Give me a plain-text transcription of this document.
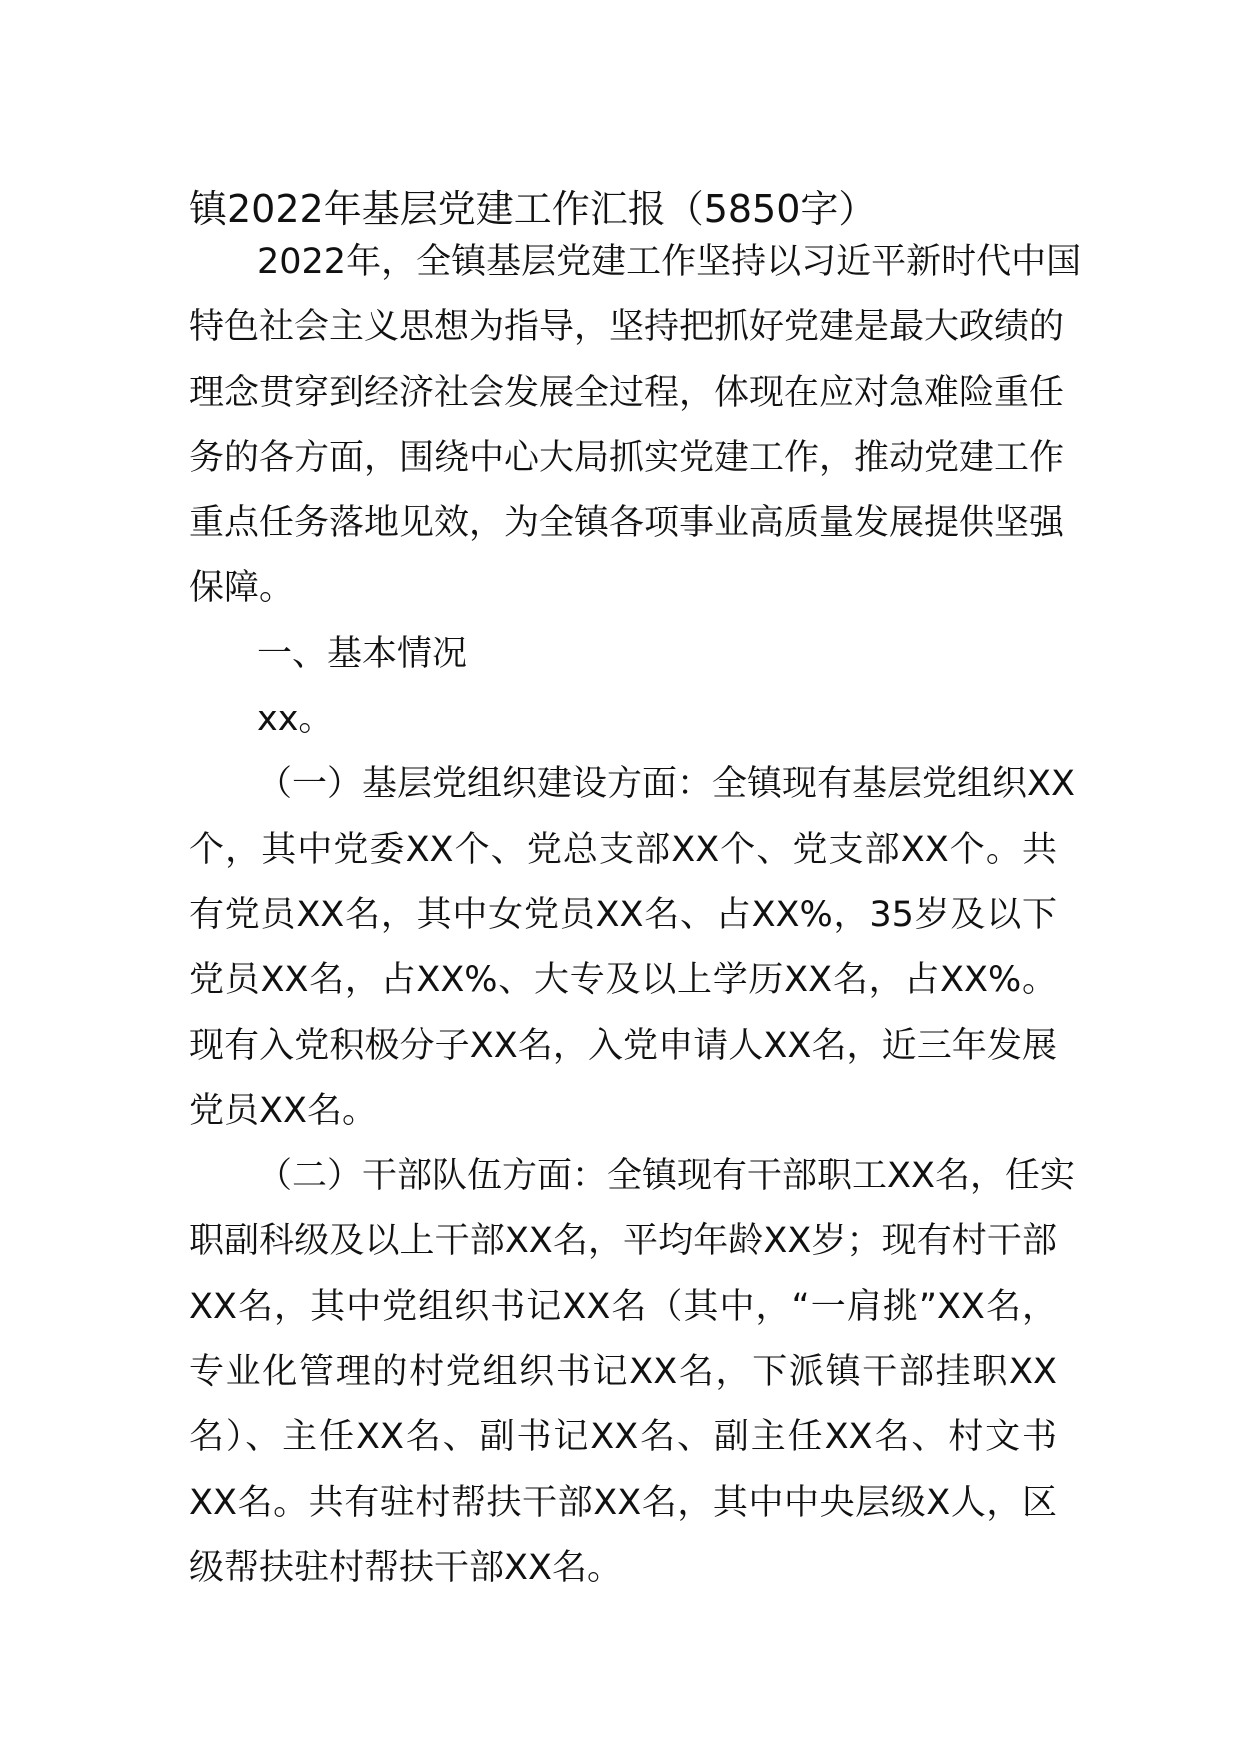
镇2022年基层党建工作汇报（5850字）
2022年，全镇基层党建工作坚持以习近平新时代中国
特色社会主义思想为指导，坚持把抓好党建是最大政绩的
理念贯穿到经济社会发展全过程，体现在应对急难险重任
务的各方面，围绕中心大局抓实党建工作，推动党建工作
重点任务落地见效，为全镇各项事业高质量发展提供坚强
保障。
一、基本情况
xx。
（一）基层党组织建设方面：全镇现有基层党组织XX
个，其中党委XX个、党总支部XX个、党支部XX个。共
有党员XX名，其中女党员XX名、占XX%，35岁及以下
党员XX名，占XX%、大专及以上学历XX名，占XX%。
现有入党积极分子XX名，入党申请人XX名，近三年发展
党员XX名。
（二）干部队伍方面：全镇现有干部职工XX名，任实
职副科级及以上干部XX名，平均年龄XX岁；现有村干部
XX名，其中党组织书记XX名（其中，“一肩挑”XX名，
专业化管理的村党组织书记XX名，下派镇干部挂职XX
名）、主任XX名、副书记XX名、副主任XX名、村文书
XX名。共有驻村帮扶干部XX名，其中中央层级X人，区
级帮扶驻村帮扶干部XX名。
